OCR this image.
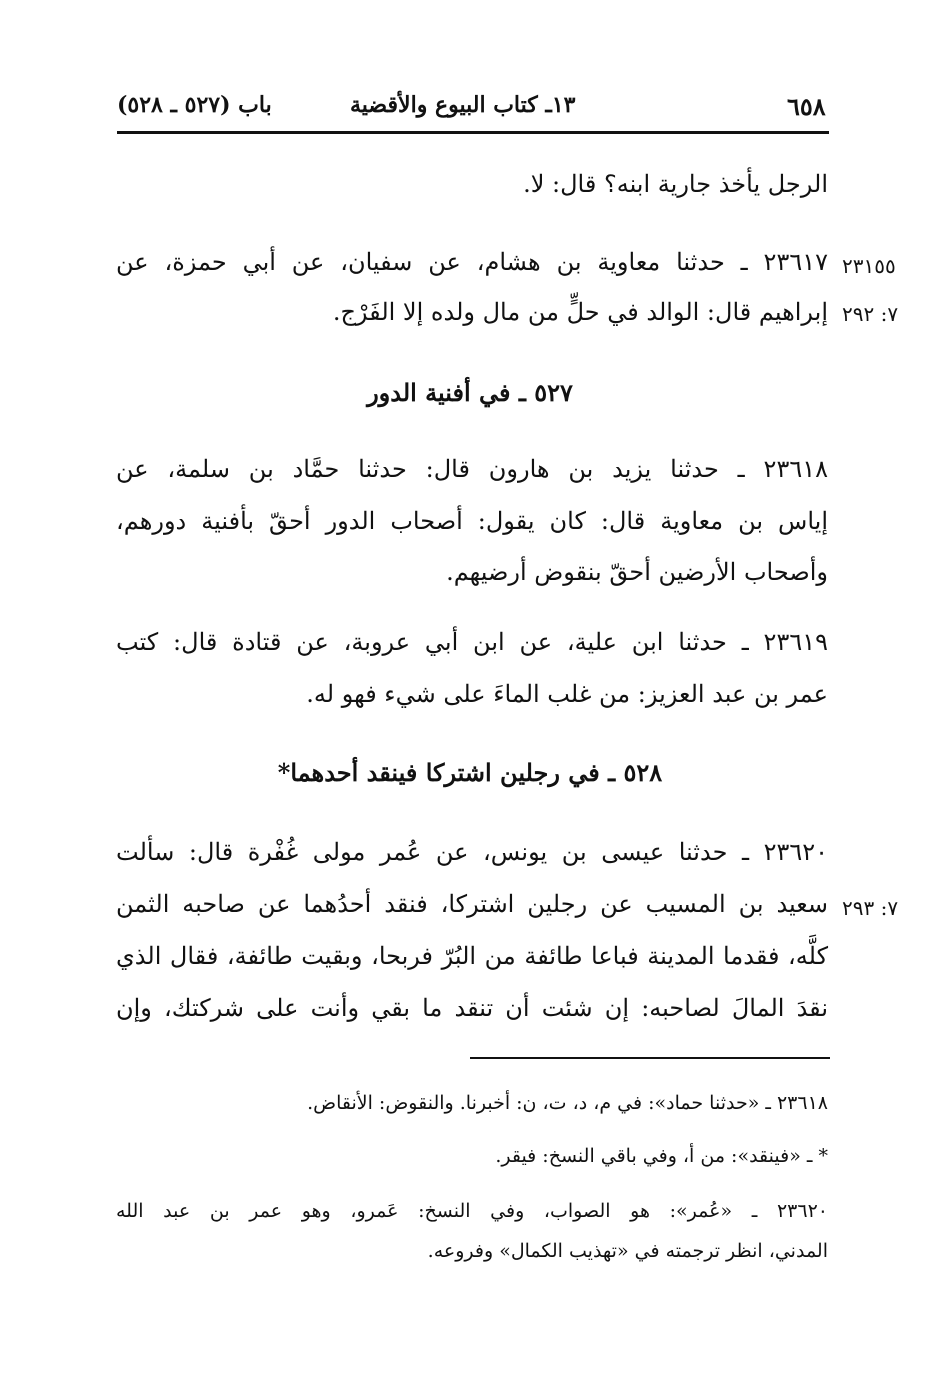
٦٥٨
١٣ـ كتاب البيوع والأقضية
باب (٥٢٧ ـ ٥٢٨)
الرجل يأخذ جارية ابنه؟ قال: لا.
٢٣٦١٧ ـ حدثنا معاوية بن هشام، عن سفيان، عن أبي حمزة، عن
إبراهيم قال: الوالد في حلٍّ من مال ولده إلا الفَرْج.
٢٣١٥٥
٧: ٢٩٢
٥٢٧ ـ في أفنية الدور
٢٣٦١٨ ـ حدثنا يزيد بن هارون قال: حدثنا حمَّاد بن سلمة، عن
إياس بن معاوية قال: كان يقول: أصحاب الدور أحقّ بأفنية دورهم،
وأصحاب الأرضين أحقّ بنقوض أرضيهم.
٢٣٦١٩ ـ حدثنا ابن علية، عن ابن أبي عروبة، عن قتادة قال: كتب
عمر بن عبد العزيز: من غلب الماءَ على شيء فهو له.
٥٢٨ ـ في رجلين اشتركا فينقد أحدهما*
٢٣٦٢٠ ـ حدثنا عيسى بن يونس، عن عُمر مولى غُفْرة قال: سألت
سعيد بن المسيب عن رجلين اشتركا، فنقد أحدُهما عن صاحبه الثمن
كلَّه، فقدما المدينة فباعا طائفة من البُرّ فربحا، وبقيت طائفة، فقال الذي
نقدَ المالَ لصاحبه: إن شئت أن تنقد ما بقي وأنت على شركتك، وإن
٧: ٢٩٣
٢٣٦١٨ ـ «حدثنا حماد»: في م، د، ت، ن: أخبرنا. والنقوض: الأنقاض.
* ـ «فينقد»: من أ، وفي باقي النسخ: فيقر.
٢٣٦٢٠ ـ «عُمر»: هو الصواب، وفي النسخ: عَمرو، وهو عمر بن عبد الله
المدني، انظر ترجمته في «تهذيب الكمال» وفروعه.
